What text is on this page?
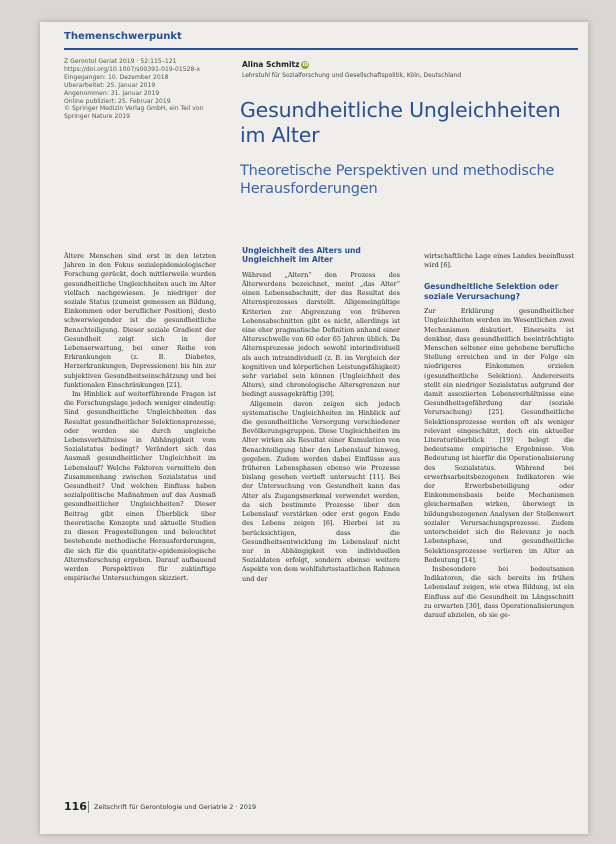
Themenschwerpunkt
Z Gerontol Geriat 2019 · 52:115–121
https://doi.org/10.1007/s00391-019-01528-x
Eingegangen: 10. Dezember 2018
Überarbeitet: 25. Januar 2019
Angenommen: 31. Januar 2019
Online publiziert: 25. Februar 2019
© Springer Medizin Verlag GmbH, ein Teil von
Springer Nature 2019
Alina Schmitz iD
Lehrstuhl für Sozialforschung und Gesellschaftspolitik, Köln, Deutschland
Gesundheitliche Ungleichheiten im Alter
Theoretische Perspektiven und methodische Herausforderungen

Ältere Menschen sind erst in den letzten Jahren in den Fokus sozialepidemiologischer Forschung gerückt, doch mittlerweile wurden gesundheitliche Ungleichheiten auch im Alter vielfach nachgewiesen. Je niedriger der soziale Status (zumeist gemessen an Bildung, Einkommen oder beruflicher Position), desto schwerwiegender ist die gesundheitliche Benachteiligung. Dieser soziale Gradient der Gesundheit zeigt sich in der Lebenserwartung, bei einer Reihe von Erkrankungen (z. B. Diabetes, Herzerkrankungen, Depressionen) bis hin zur subjektiven Gesundheitseinschätzung und bei funktionalen Einschränkungen [21].

Im Hinblick auf weiterführende Fragen ist die Forschungslage jedoch weniger eindeutig: Sind gesundheitliche Ungleichheiten das Resultat gesundheitlicher Selektionsprozesse, oder werden sie durch ungleiche Lebensverhältnisse in Abhängigkeit vom Sozialstatus bedingt? Verändert sich das Ausmaß gesundheitlicher Ungleichheit im Lebenslauf? Welche Faktoren vermitteln den Zusammenhang zwischen Sozialstatus und Gesundheit? Und welchen Einfluss haben sozialpolitische Maßnahmen auf das Ausmaß gesundheitlicher Ungleichheiten? Dieser Beitrag gibt einen Überblick über theoretische Konzepte und aktuelle Studien zu diesen Fragestellungen und beleuchtet bestehende methodische Herausforderungen, die sich für die quantitativ-epidemiologische Alternsforschung ergeben. Darauf aufbauend werden Perspektiven für zukünftige empirische Untersuchungen skizziert.

Ungleichheit des Alters und Ungleichheit im Alter

Während „Altern“ den Prozess des Älterwerdens bezeichnet, meint „das Alter“ einen Lebensabschnitt, der das Resultat des Alternsprozesses darstellt. Allgemeingültige Kriterien zur Abgrenzung von früheren Lebensabschnitten gibt es nicht, allerdings ist eine eher pragmatische Definition anhand einer Altersschwelle von 60 oder 65 Jahren üblich. Da Alternsprozesse jedoch sowohl interindividuell als auch intraindividuell (z. B. im Vergleich der kognitiven und körperlichen Leistungsfähigkeit) sehr variabel sein können (Ungleichheit des Alters), sind chronologische Altersgrenzen nur bedingt aussagekräftig [39].

Allgemein davon zeigen sich jedoch systematische Ungleichheiten im Hinblick auf die gesundheitliche Versorgung verschiedener Bevölkerungsgruppen. Diese Ungleichheiten im Alter wirken als Resultat einer Kumulation von Benachteiligung über den Lebenslauf hinweg, gegeben. Zudem werden dabei Einflüsse aus früheren Lebensphasen ebenso wie Prozesse bislang gesehen vertieft untersucht [11]. Bei der Untersuchung von Gesundheit kann das Alter als Zugangsmerkmal verwendet werden, da sich bestimmte Prozesse über den Lebenslauf verstärken oder erst gegen Ende des Lebens zeigen [6]. Hierbei ist zu berücksichtigen, dass die Gesundheitsentwicklung im Lebenslauf nicht nur in Abhängigkeit von individuellen Sozialdaten erfolgt, sondern ebenso weitere Aspekte von dem wohlfahrtsstaatlichen Rahmen und der

wirtschaftliche Lage eines Landes beeinflusst wird [6].

Gesundheitliche Selektion oder soziale Verursachung?

Zur Erklärung gesundheitlicher Ungleichheiten werden im Wesentlichen zwei Mechanismen diskutiert. Einerseits ist denkbar, dass gesundheitlich beeinträchtigte Menschen seltener eine gehobene berufliche Stellung erreichen und in der Folge ein niedrigeres Einkommen erzielen (gesundheitliche Selektion). Andererseits stellt ein niedriger Sozialstatus aufgrund der damit assoziierten Lebensverhältnisse eine Gesundheitsgefährdung dar (soziale Verursachung) [25]. Gesundheitliche Selektionsprozesse werden oft als weniger relevant eingeschätzt, doch ein aktueller Literaturüberblick [19] belegt die bedeutsame empirische Ergebnisse. Von Bedeutung ist hierfür die Operationalisierung des Sozialstatus. Während bei erwerbsarbeitsbezogenen Indikatoren wie der Erwerbsbeteiligung oder Einkommensbasis beide Mechanismen gleichermaßen wirken, überwiegt in bildungsbezogenen Analysen der Stellenwert sozialer Verursachungsprozesse. Zudem unterscheidet sich die Relevanz je nach Lebensphase, und gesundheitliche Selektionsprozesse verlieren im Alter an Bedeutung [14].

Insbesondere bei bedeutsamen Indikatoren, die sich bereits im frühen Lebenslauf zeigen, wie etwa Bildung, ist ein Einfluss auf die Gesundheit im Längsschnitt zu erwarten [30], dass Operationalisierungen darauf abzielen, ob sie ge-

116 Zeitschrift für Gerontologie und Geriatrie 2 · 2019
